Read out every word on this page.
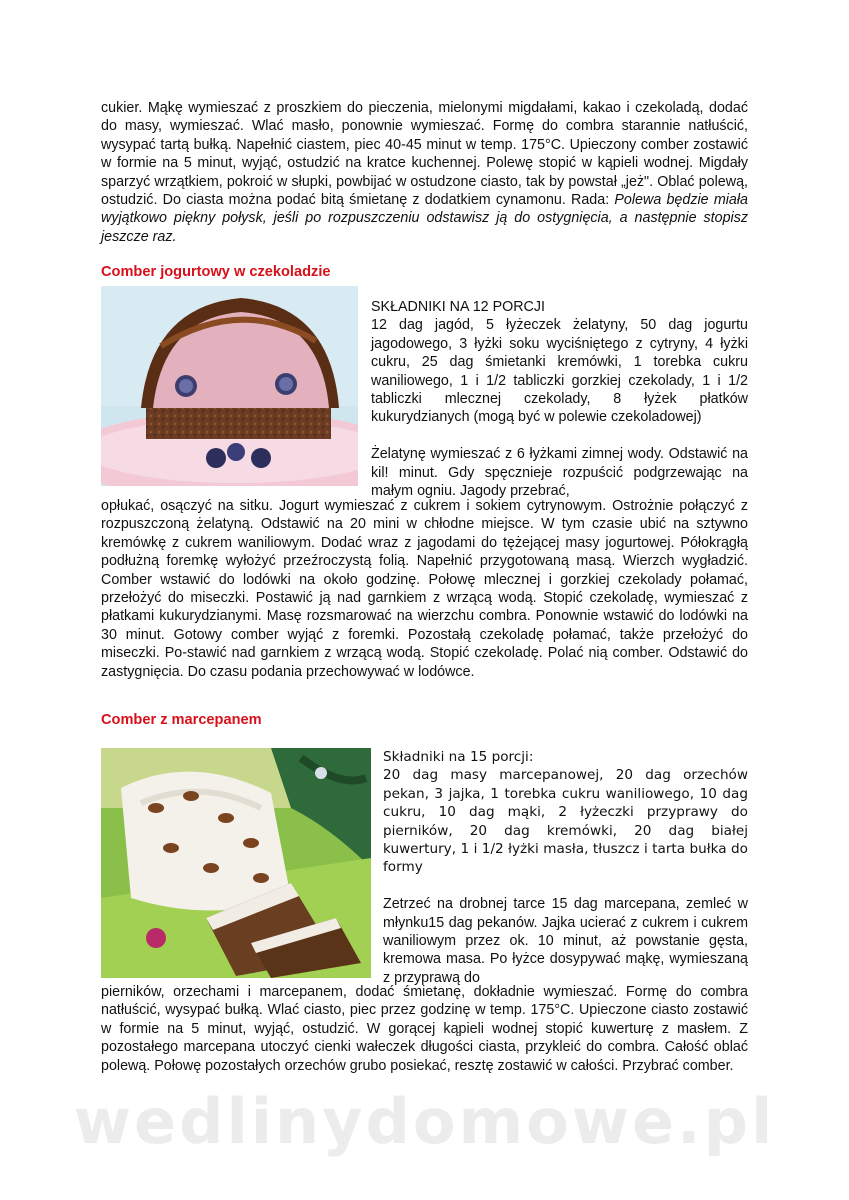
cukier. Mąkę wymieszać z proszkiem do pieczenia, mielonymi migdałami, kakao i czekoladą, dodać do masy, wymieszać. Wlać masło, ponownie wymieszać. Formę do combra starannie natłuścić, wysypać tartą bułką. Napełnić ciastem, piec 40-45 minut w temp. 175°C. Upieczony comber zostawić w formie na 5 minut, wyjąć, ostudzić na kratce kuchennej. Polewę stopić w kąpieli wodnej. Migdały sparzyć wrzątkiem, pokroić w słupki, powbijać w ostudzone ciasto, tak by powstał „jeż". Oblać polewą, ostudzić. Do ciasta można podać bitą śmietanę z dodatkiem cynamonu. Rada: Polewa będzie miała wyjątkowo piękny połysk, jeśli po rozpuszczeniu odstawisz ją do ostygnięcia, a następnie stopisz jeszcze raz.

Comber jogurtowy w czekoladzie

SKŁADNIKI NA 12 PORCJI

12 dag jagód, 5 łyżeczek żelatyny, 50 dag jogurtu jagodowego, 3 łyżki soku wyciśniętego z cytryny, 4 łyżki cukru, 25 dag śmietanki kremówki, 1 torebka cukru waniliowego, 1 i 1/2 tabliczki gorzkiej czekolady, 1 i 1/2 tabliczki mlecznej czekolady, 8 łyżek płatków kukurydzianych (mogą być w polewie czekoladowej)

Żelatynę wymieszać z 6 łyżkami zimnej wody. Odstawić na kil! minut. Gdy spęcznieje rozpuścić podgrzewając na małym ogniu. Jagody przebrać,

opłukać, osączyć na sitku. Jogurt wymieszać z cukrem i sokiem cytrynowym. Ostrożnie połączyć z rozpuszczoną żelatyną. Odstawić na 20 mini w chłodne miejsce. W tym czasie ubić na sztywno kremówkę z cukrem waniliowym. Dodać wraz z jagodami do tężejącej masy jogurtowej. Półokrągłą podłużną foremkę wyłożyć przeźroczystą folią. Napełnić przygotowaną masą. Wierzch wygładzić. Comber wstawić do lodówki na około godzinę. Połowę mlecznej i gorzkiej czekolady połamać, przełożyć do miseczki. Postawić ją nad garnkiem z wrzącą wodą. Stopić czekoladę, wymieszać z płatkami kukurydzianymi. Masę rozsmarować na wierzchu combra. Ponownie wstawić do lodówki na 30 minut. Gotowy comber wyjąć z foremki. Pozostałą czekoladę połamać, także przełożyć do miseczki. Po-stawić nad garnkiem z wrzącą wodą. Stopić czekoladę. Polać nią comber. Odstawić do zastygnięcia. Do czasu podania przechowywać w lodówce.

Comber z marcepanem

Składniki na 15 porcji:

20 dag masy marcepanowej, 20 dag orzechów pekan, 3 jajka, 1 torebka cukru waniliowego, 10 dag cukru, 10 dag mąki, 2 łyżeczki przyprawy do pierników, 20 dag kremówki, 20 dag białej kuwertury, 1 i 1/2 łyżki masła, tłuszcz i tarta bułka do formy

Zetrzeć na drobnej tarce 15 dag marcepana, zemleć w młynku15 dag pekanów. Jajka ucierać z cukrem i cukrem waniliowym przez ok. 10 minut, aż powstanie gęsta, kremowa masa. Po łyżce dosypywać mąkę, wymieszaną z przyprawą do

pierników, orzechami i marcepanem, dodać śmietanę, dokładnie wymieszać. Formę do combra natłuścić, wysypać bułką. Wlać ciasto, piec przez godzinę w temp. 175°C. Upieczone ciasto zostawić w formie na 5 minut, wyjąć, ostudzić. W gorącej kąpieli wodnej stopić kuwerturę z masłem. Z pozostałego marcepana utoczyć cienki wałeczek długości ciasta, przykleić do combra. Całość oblać polewą. Połowę pozostałych orzechów grubo posiekać, resztę zostawić w całości. Przybrać comber.

wedlinydomowe.pl
